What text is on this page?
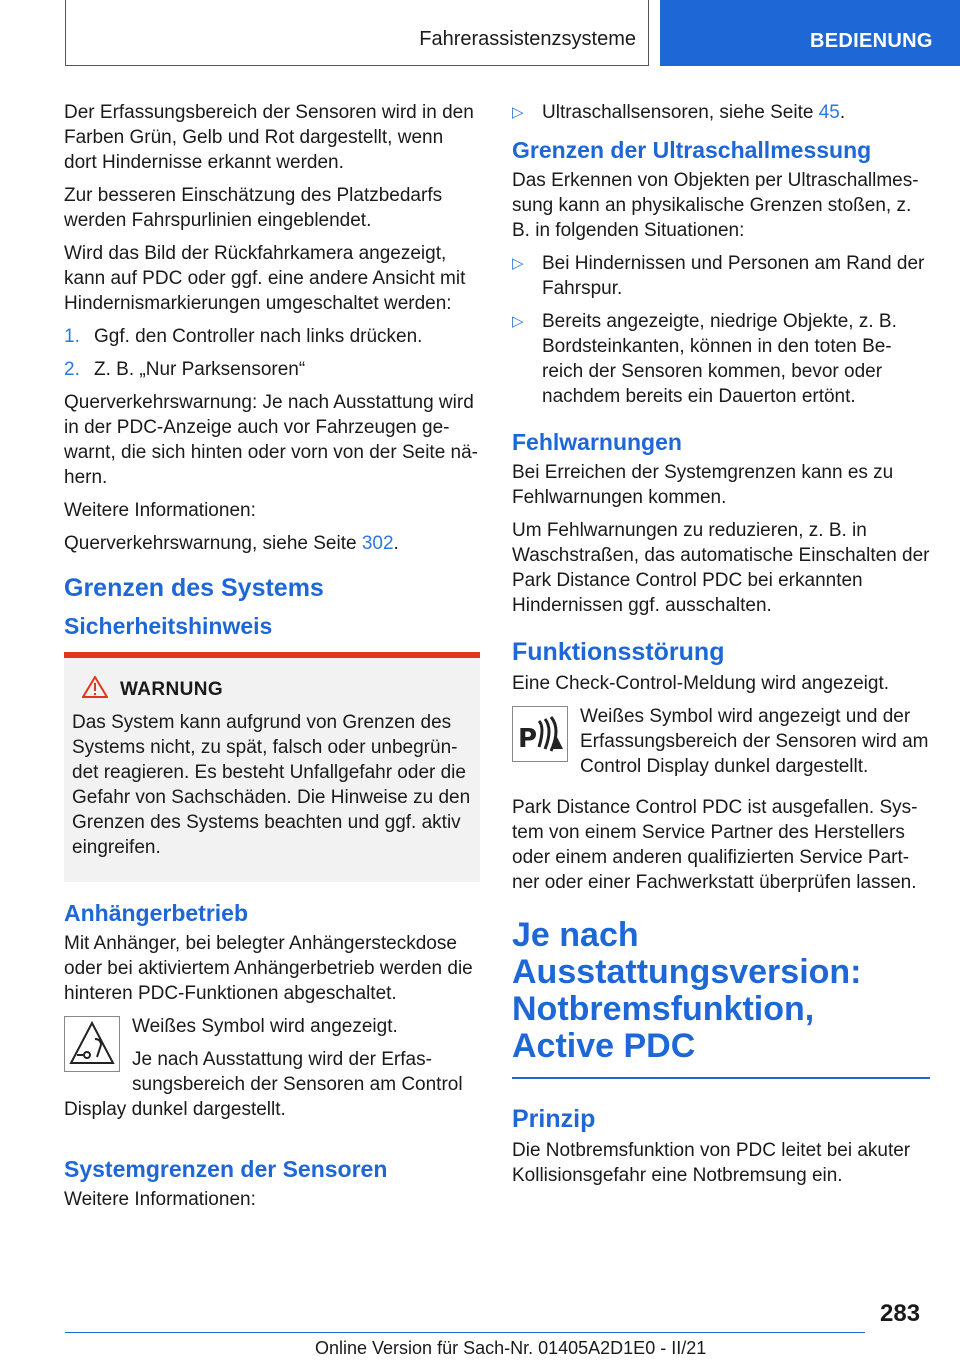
Fahrerassistenzsysteme	BEDIENUNG

Der Erfassungsbereich der Sensoren wird in den Farben Grün, Gelb und Rot dargestellt, wenn dort Hindernisse erkannt werden.

Zur besseren Einschätzung des Platzbedarfs werden Fahrspurlinien eingeblendet.

Wird das Bild der Rückfahrkamera angezeigt, kann auf PDC oder ggf. eine andere Ansicht mit Hindernismarkierungen umgeschaltet werden:

1. Ggf. den Controller nach links drücken.
2. Z. B. „Nur Parksensoren“

Querverkehrswarnung: Je nach Ausstattung wird in der PDC-Anzeige auch vor Fahrzeugen ge‐ warnt, die sich hinten oder vorn von der Seite nä‐ hern.

Weitere Informationen:

Querverkehrswarnung, siehe Seite 302.

Grenzen des Systems
Sicherheitshinweis
WARNUNG

Das System kann aufgrund von Grenzen des Systems nicht, zu spät, falsch oder unbegrün‐ det reagieren. Es besteht Unfallgefahr oder die Gefahr von Sachschäden. Die Hinweise zu den Grenzen des Systems beachten und ggf. aktiv eingreifen.

Anhängerbetrieb

Mit Anhänger, bei belegter Anhängersteckdose oder bei aktiviertem Anhängerbetrieb werden die hinteren PDC-Funktionen abgeschaltet.

Weißes Symbol wird angezeigt.

Je nach Ausstattung wird der Erfas‐ sungsbereich der Sensoren am Control Display dunkel dargestellt.

Systemgrenzen der Sensoren

Weitere Informationen:

▷ Ultraschallsensoren, siehe Seite 45.
Grenzen der Ultraschallmessung

Das Erkennen von Objekten per Ultraschallmes‐ sung kann an physikalische Grenzen stoßen, z. B. in folgenden Situationen:

▷ Bei Hindernissen und Personen am Rand der Fahrspur.
▷ Bereits angezeigte, niedrige Objekte, z. B. Bordsteinkanten, können in den toten Be‐ reich der Sensoren kommen, bevor oder nachdem bereits ein Dauerton ertönt.
Fehlwarnungen

Bei Erreichen der Systemgrenzen kann es zu Fehlwarnungen kommen.

Um Fehlwarnungen zu reduzieren, z. B. in Waschstraßen, das automatische Einschalten der Park Distance Control PDC bei erkannten Hindernissen ggf. ausschalten.

Funktionsstörung

Eine Check-Control-Meldung wird angezeigt.

P

Weißes Symbol wird angezeigt und der Erfassungsbereich der Sensoren wird am Control Display dunkel dargestellt.

Park Distance Control PDC ist ausgefallen. Sys‐ tem von einem Service Partner des Herstellers oder einem anderen qualifizierten Service Part‐ ner oder einer Fachwerkstatt überprüfen lassen.

Je nach
Ausstattungsversion:
Notbremsfunktion,
Active PDC
Prinzip

Die Notbremsfunktion von PDC leitet bei akuter Kollisionsgefahr eine Notbremsung ein.

283
Online Version für Sach-Nr. 01405A2D1E0 - II/21
